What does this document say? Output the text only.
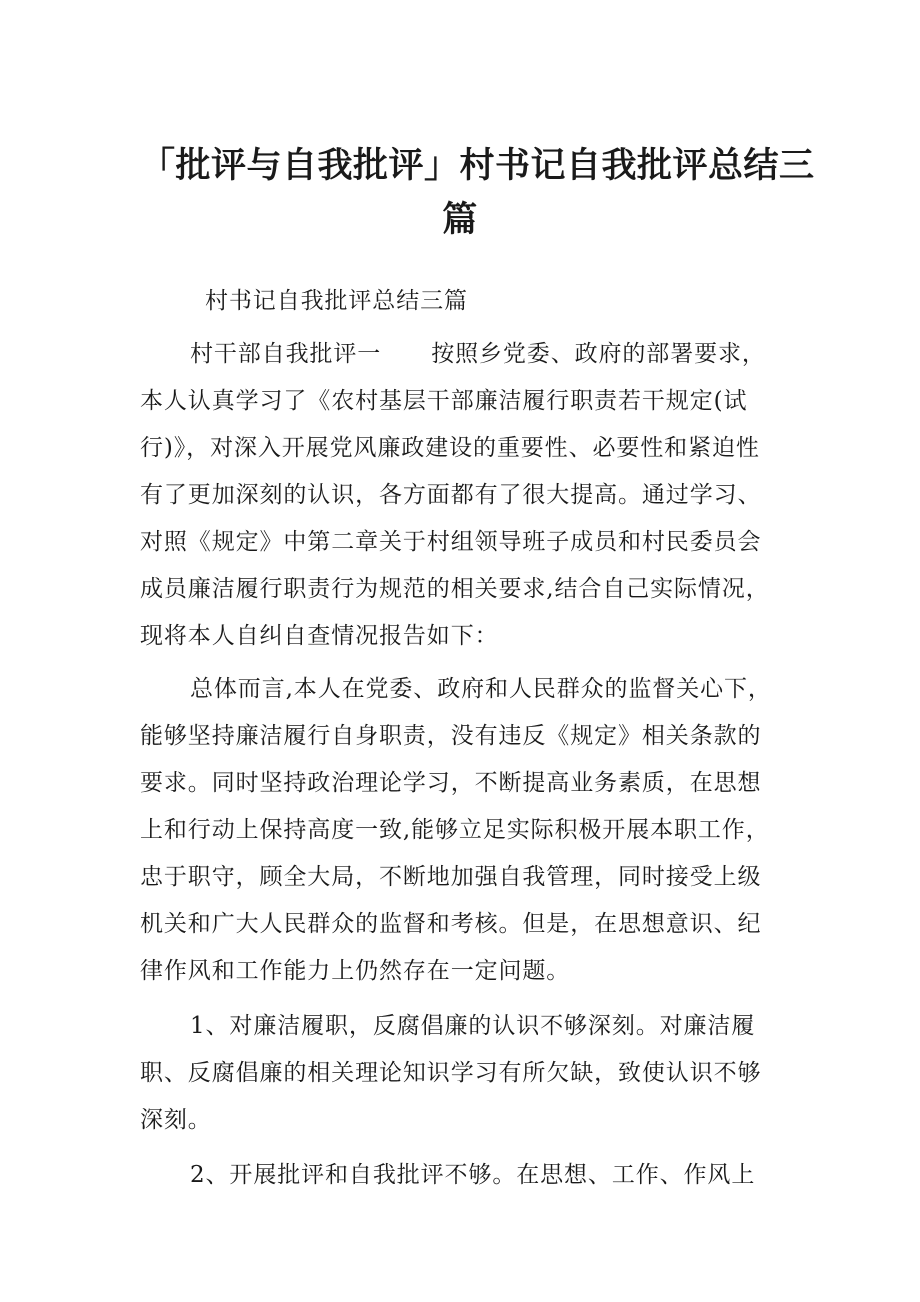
「批评与自我批评」村书记自我批评总结三
篇

村书记自我批评总结三篇

村干部自我批评一 按照乡党委、政府的部署要求，

本人认真学习了《农村基层干部廉洁履行职责若干规定(试

行)》，对深入开展党风廉政建设的重要性、必要性和紧迫性

有了更加深刻的认识，各方面都有了很大提高。通过学习、

对照《规定》中第二章关于村组领导班子成员和村民委员会

成员廉洁履行职责行为规范的相关要求,结合自己实际情况，

现将本人自纠自查情况报告如下：

总体而言,本人在党委、政府和人民群众的监督关心下，

能够坚持廉洁履行自身职责，没有违反《规定》相关条款的

要求。同时坚持政治理论学习，不断提高业务素质，在思想

上和行动上保持高度一致,能够立足实际积极开展本职工作，

忠于职守，顾全大局，不断地加强自我管理，同时接受上级

机关和广大人民群众的监督和考核。但是，在思想意识、纪

律作风和工作能力上仍然存在一定问题。

1、对廉洁履职，反腐倡廉的认识不够深刻。对廉洁履

职、反腐倡廉的相关理论知识学习有所欠缺，致使认识不够

深刻。

2、开展批评和自我批评不够。在思想、工作、作风上
